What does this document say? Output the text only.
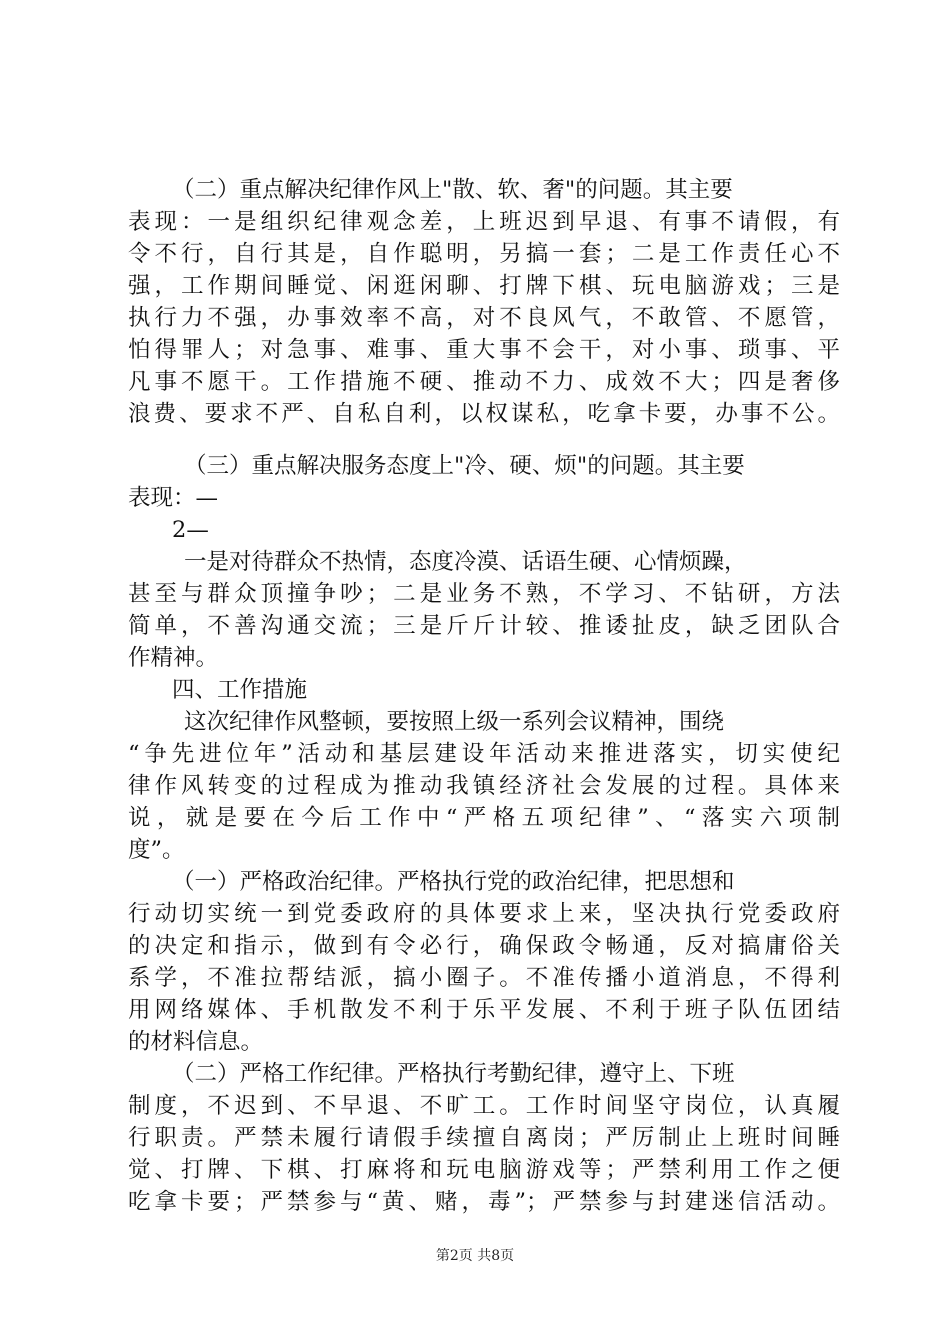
（二）重点解决纪律作风上"散、软、奢"的问题。其主要
表现：一是组织纪律观念差，上班迟到早退、有事不请假，有
令不行，自行其是，自作聪明，另搞一套；二是工作责任心不
强，工作期间睡觉、闲逛闲聊、打牌下棋、玩电脑游戏；三是
执行力不强，办事效率不高，对不良风气，不敢管、不愿管，
怕得罪人；对急事、难事、重大事不会干，对小事、琐事、平
凡事不愿干。工作措施不硬、推动不力、成效不大；四是奢侈
浪费、要求不严、自私自利，以权谋私，吃拿卡要，办事不公。
（三）重点解决服务态度上"冷、硬、烦"的问题。其主要
表现：—
2—
一是对待群众不热情，态度冷漠、话语生硬、心情烦躁，
甚至与群众顶撞争吵；二是业务不熟，不学习、不钻研，方法
简单，不善沟通交流；三是斤斤计较、推诿扯皮，缺乏团队合
作精神。
四、工作措施
这次纪律作风整顿，要按照上级一系列会议精神，围绕
“争先进位年”活动和基层建设年活动来推进落实，切实使纪
律作风转变的过程成为推动我镇经济社会发展的过程。具体来
说，就是要在今后工作中“严格五项纪律”、“落实六项制
度”。
（一）严格政治纪律。严格执行党的政治纪律，把思想和
行动切实统一到党委政府的具体要求上来，坚决执行党委政府
的决定和指示，做到有令必行，确保政令畅通，反对搞庸俗关
系学，不准拉帮结派，搞小圈子。不准传播小道消息，不得利
用网络媒体、手机散发不利于乐平发展、不利于班子队伍团结
的材料信息。
（二）严格工作纪律。严格执行考勤纪律，遵守上、下班
制度，不迟到、不早退、不旷工。工作时间坚守岗位，认真履
行职责。严禁未履行请假手续擅自离岗；严厉制止上班时间睡
觉、打牌、下棋、打麻将和玩电脑游戏等；严禁利用工作之便
吃拿卡要；严禁参与“黄、赌，毒”；严禁参与封建迷信活动。
第2页 共8页
